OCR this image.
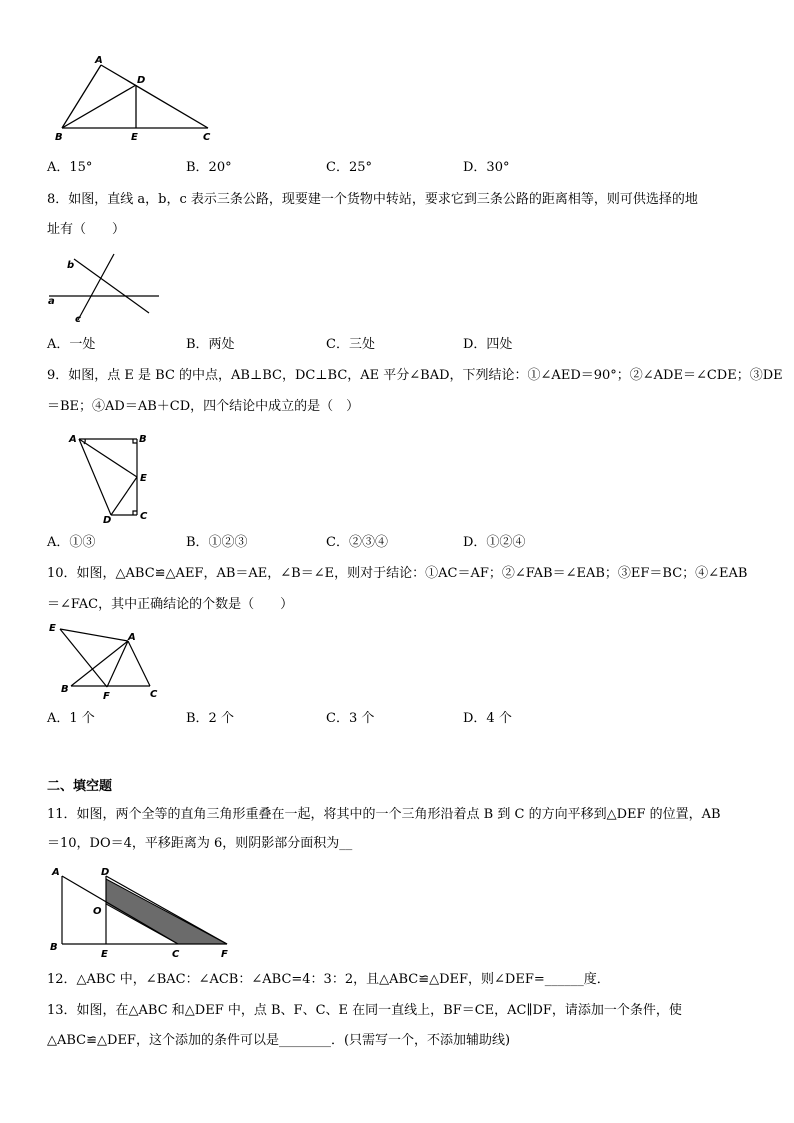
A
B	C
D
E
A．15°	B．20°	C．25°	D．30°
8．如图，直线 a，b，c 表示三条公路，现要建一个货物中转站，要求它到三条公路的距离相等，则可供选择的地
址有（　　）
b
a
c
A．一处	B．两处	C．三处	D．四处
9．如图，点 E 是 BC 的中点，AB⊥BC，DC⊥BC，AE 平分∠BAD，下列结论：①∠AED＝90°；②∠ADE＝∠CDE；③DE
＝BE；④AD＝AB＋CD，四个结论中成立的是（　）
A	B
C
D
E
A．①③	B．①②③	C．②③④	D．①②④
10．如图，△ABC≌△AEF，AB＝AE，∠B＝∠E，则对于结论：①AC＝AF；②∠FAB＝∠EAB；③EF＝BC；④∠EAB
＝∠FAC，其中正确结论的个数是（　　）
E
A
B
F	C
A．1 个	B．2 个	C．3 个	D．4 个
二、填空题
11．如图，两个全等的直角三角形重叠在一起，将其中的一个三角形沿着点 B 到 C 的方向平移到△DEF 的位置，AB
＝10，DO＝4，平移距离为 6，则阴影部分面积为__
A	D
O
B
E	C	F
12．△ABC 中，∠BAC：∠ACB：∠ABC=4：3：2，且△ABC≌△DEF，则∠DEF=______度．
13．如图，在△ABC 和△DEF 中，点 B、F、C、E 在同一直线上，BF＝CE，AC∥DF，请添加一个条件，使
△ABC≌△DEF，这个添加的条件可以是________．(只需写一个，不添加辅助线)
